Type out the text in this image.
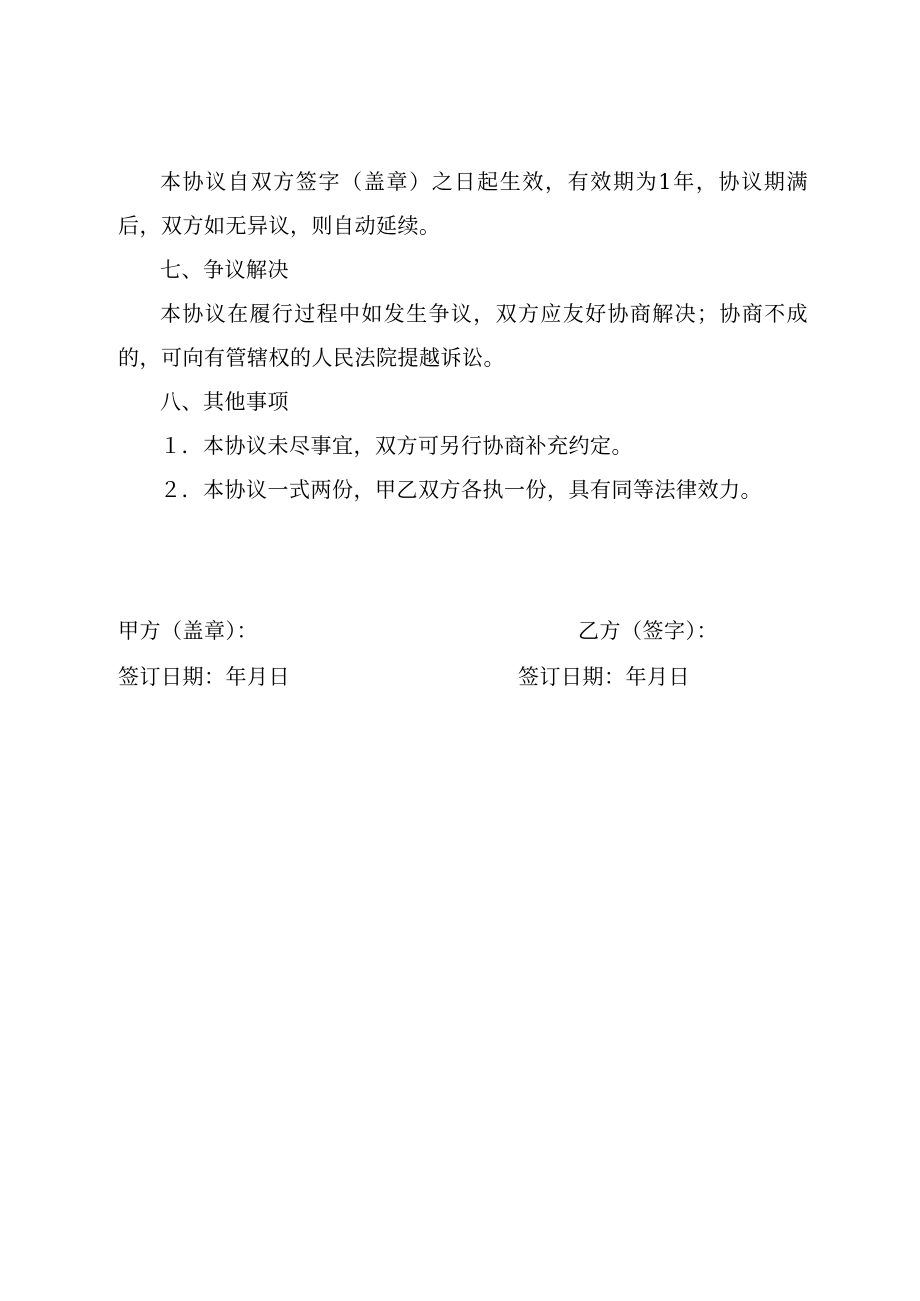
本协议自双方签字（盖章）之日起生效，有效期为1年，协议期满后，双方如无异议，则自动延续。

七、争议解决

本协议在履行过程中如发生争议，双方应友好协商解决；协商不成的，可向有管辖权的人民法院提越诉讼。

八、其他事项

１．本协议未尽事宜，双方可另行协商补充约定。

２．本协议一式两份，甲乙双方各执一份，具有同等法律效力。

甲方（盖章）：	乙方（签字）：
签订日期：年月日	签订日期：年月日
